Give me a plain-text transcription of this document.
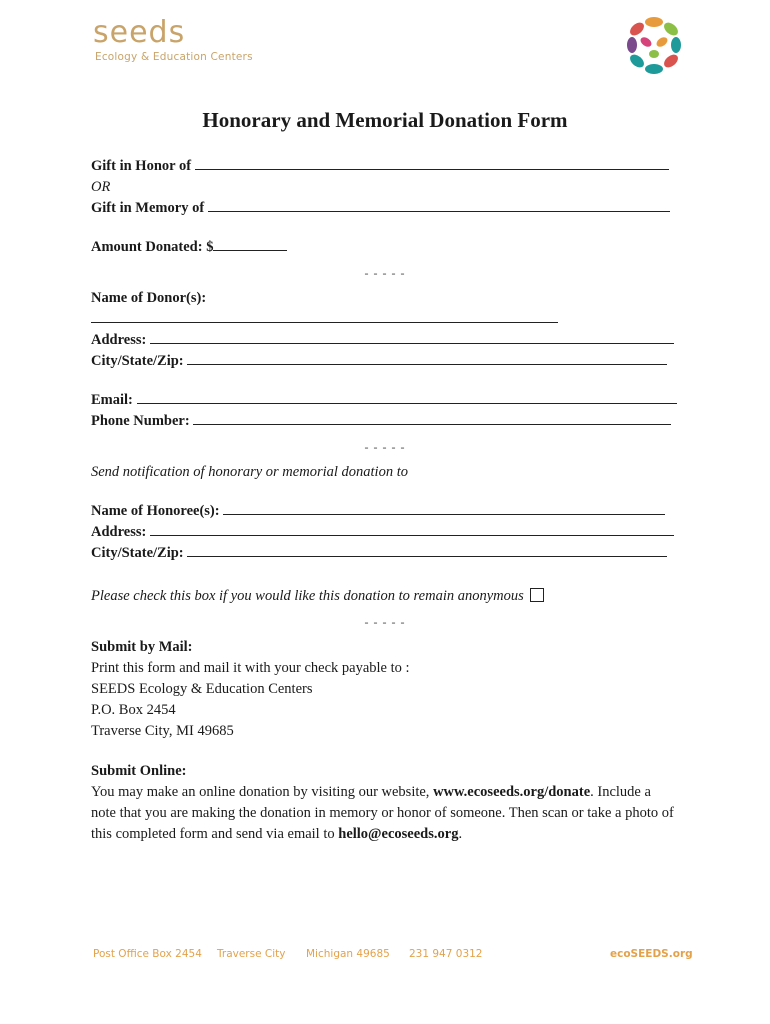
seeds
Ecology & Education Centers
Honorary and Memorial Donation Form
Gift in Honor of
OR
Gift in Memory of
Amount Donated: $
- - - - -
Name of Donor(s):
Address:
City/State/Zip:
Email:
Phone Number:
- - - - -
Send notification of honorary or memorial donation to
Name of Honoree(s):
Address:
City/State/Zip:
Please check this box if you would like this donation to remain anonymous
- - - - -
Submit by Mail:
Print this form and mail it with your check payable to :
SEEDS Ecology & Education Centers
P.O. Box 2454
Traverse City, MI 49685
Submit Online:
You may make an online donation by visiting our website, www.ecoseeds.org/donate. Include a
note that you are making the donation in memory or honor of someone. Then scan or take a photo of
this completed form and send via email to hello@ecoseeds.org.
Post Office Box 2454 Traverse City Michigan 49685 231 947 0312	ecoSEEDS.org
